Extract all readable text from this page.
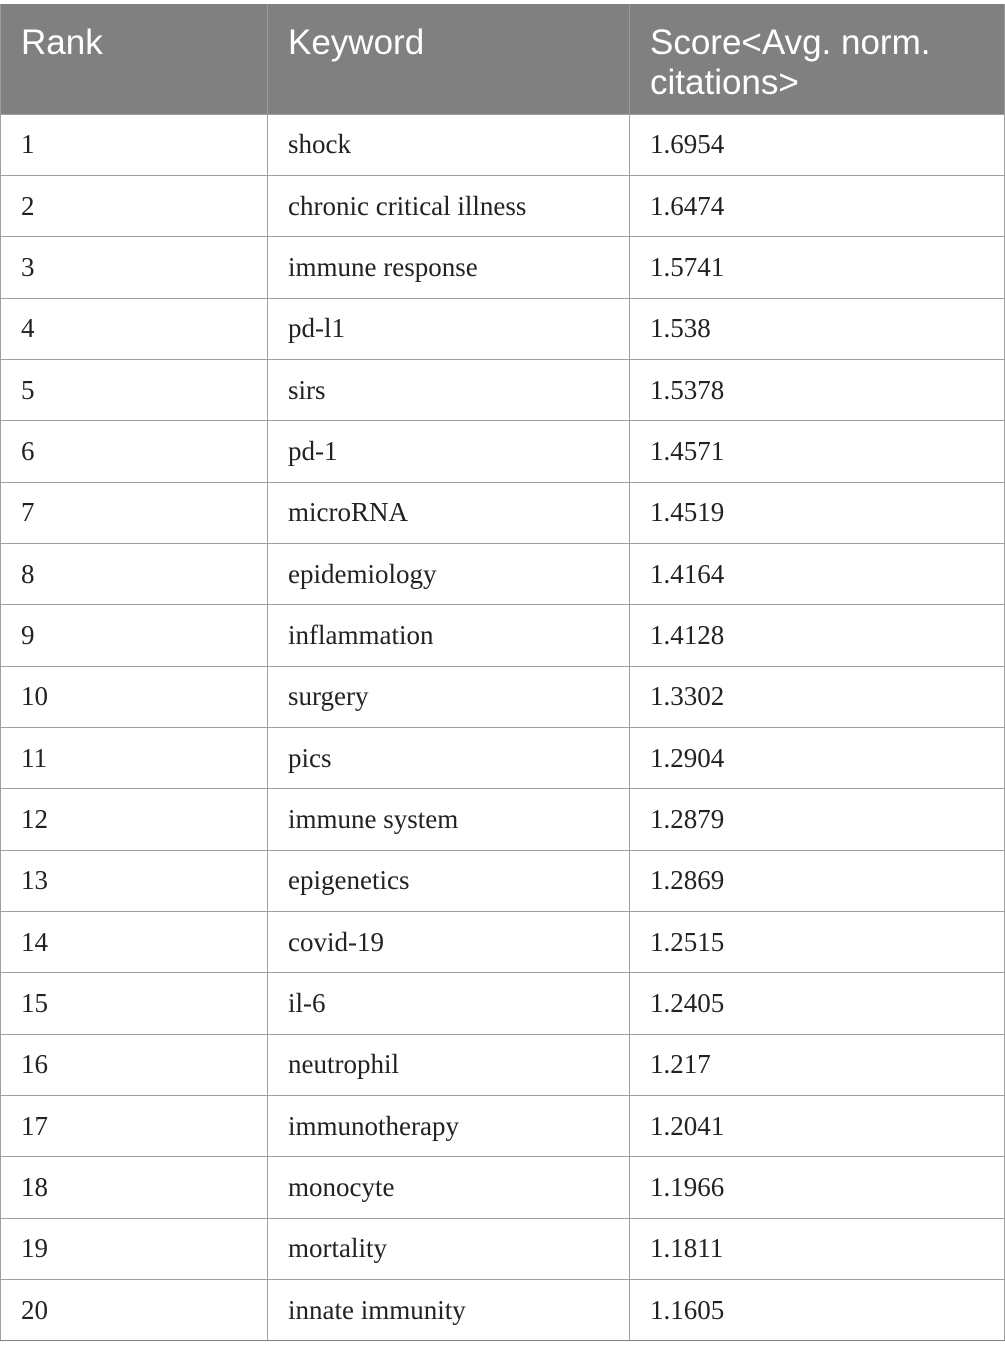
Rank	Keyword	Score<Avg. norm. citations>
1	shock	1.6954
2	chronic critical illness	1.6474
3	immune response	1.5741
4	pd-l1	1.538
5	sirs	1.5378
6	pd-1	1.4571
7	microRNA	1.4519
8	epidemiology	1.4164
9	inflammation	1.4128
10	surgery	1.3302
11	pics	1.2904
12	immune system	1.2879
13	epigenetics	1.2869
14	covid-19	1.2515
15	il-6	1.2405
16	neutrophil	1.217
17	immunotherapy	1.2041
18	monocyte	1.1966
19	mortality	1.1811
20	innate immunity	1.1605
